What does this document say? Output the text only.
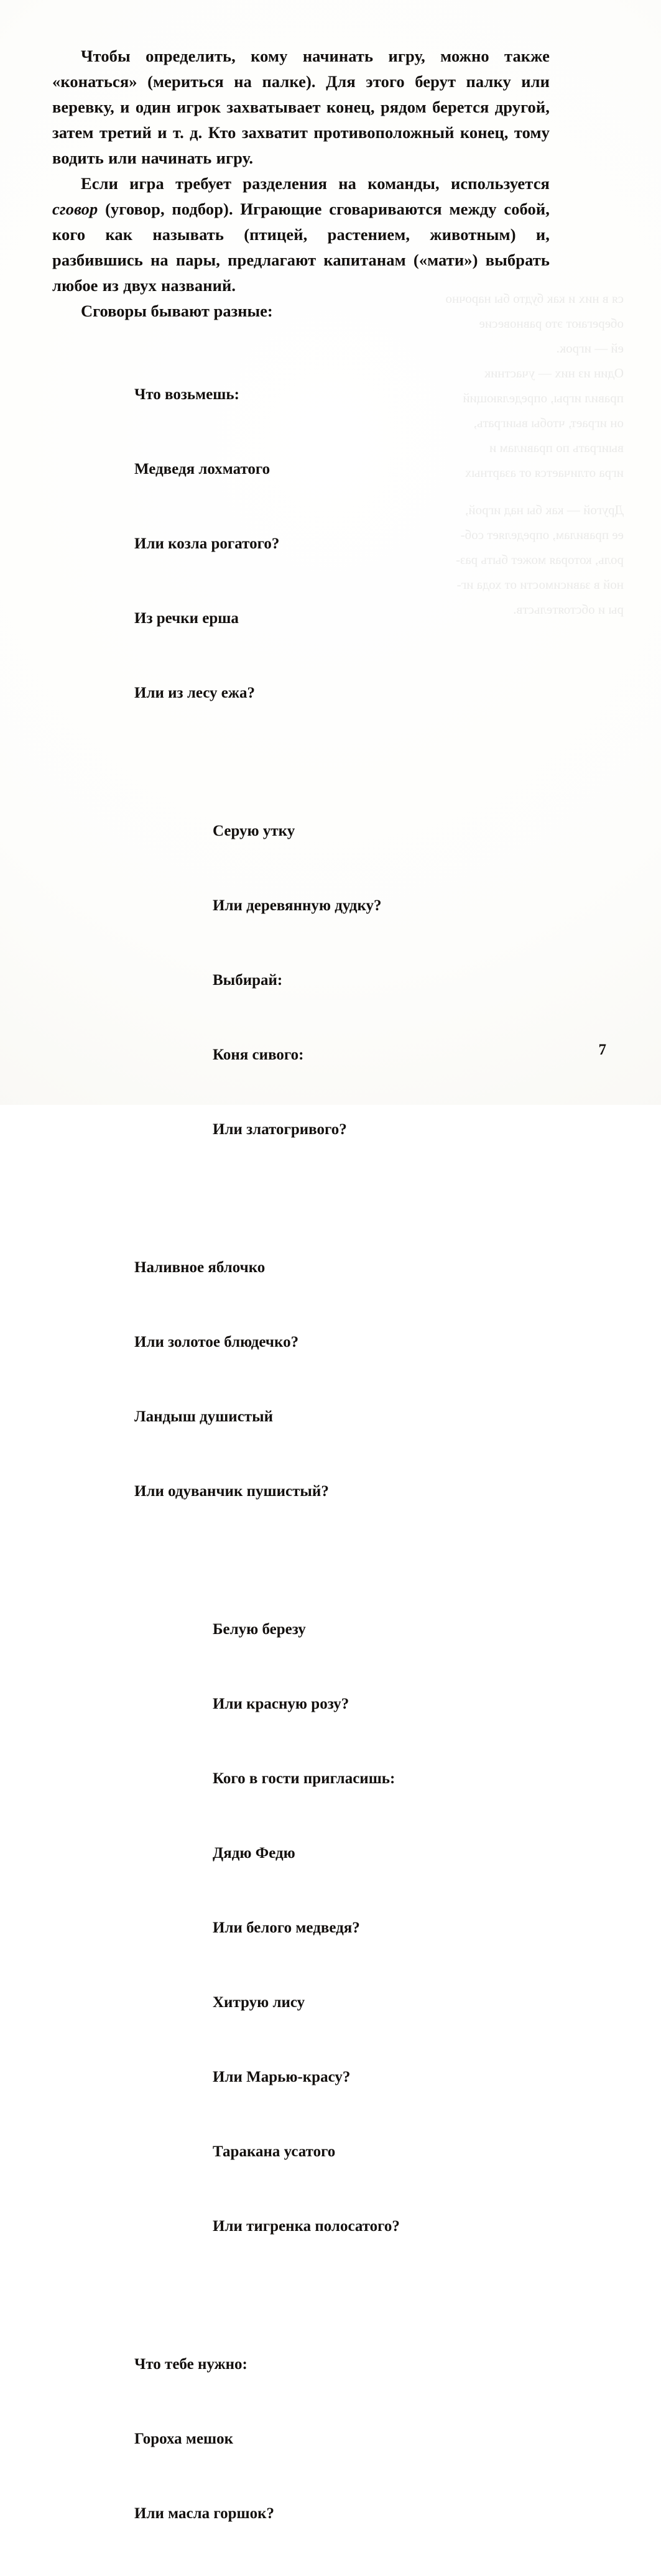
ся в них и как будто бы нарочно
оберегают это равновесие
ей — игрок.
Один из них — участник
правил игры, определяющий
он играет, чтобы выиграть,
выиграть по правилам и
игра отличается от азартных
Другой — как бы над игрой,
ее правилам, определяет соб-
роль, которая может быть раз-
ной в зависимости от хода иг-
ры и обстоятельств.

Чтобы определить, кому начинать игру, можно также «конаться» (мериться на палке). Для этого берут палку или веревку, и один игрок захватывает конец, рядом берется другой, затем третий и т. д. Кто захватит противоположный конец, тому водить или начинать игру.

Если игра требует разделения на команды, используется сговор (уговор, подбор). Играющие сговариваются между собой, кого как называть (птицей, растением, животным) и, разбившись на пары, предлагают капитанам («мати») выбрать любое из двух названий.

Сговоры бывают разные:

Что возьмешь:

Медведя лохматого

Или козла рогатого?

Из речки ерша

Или из лесу ежа?

Серую утку

Или деревянную дудку?

Выбирай:

Коня сивого:

Или златогривого?

Наливное яблочко

Или золотое блюдечко?

Ландыш душистый

Или одуванчик пушистый?

Белую березу

Или красную розу?

Кого в гости пригласишь:

Дядю Федю

Или белого медведя?

Хитрую лису

Или Марью-красу?

Таракана усатого

Или тигренка полосатого?

Что тебе нужно:

Гороха мешок

Или масла горшок?

7
